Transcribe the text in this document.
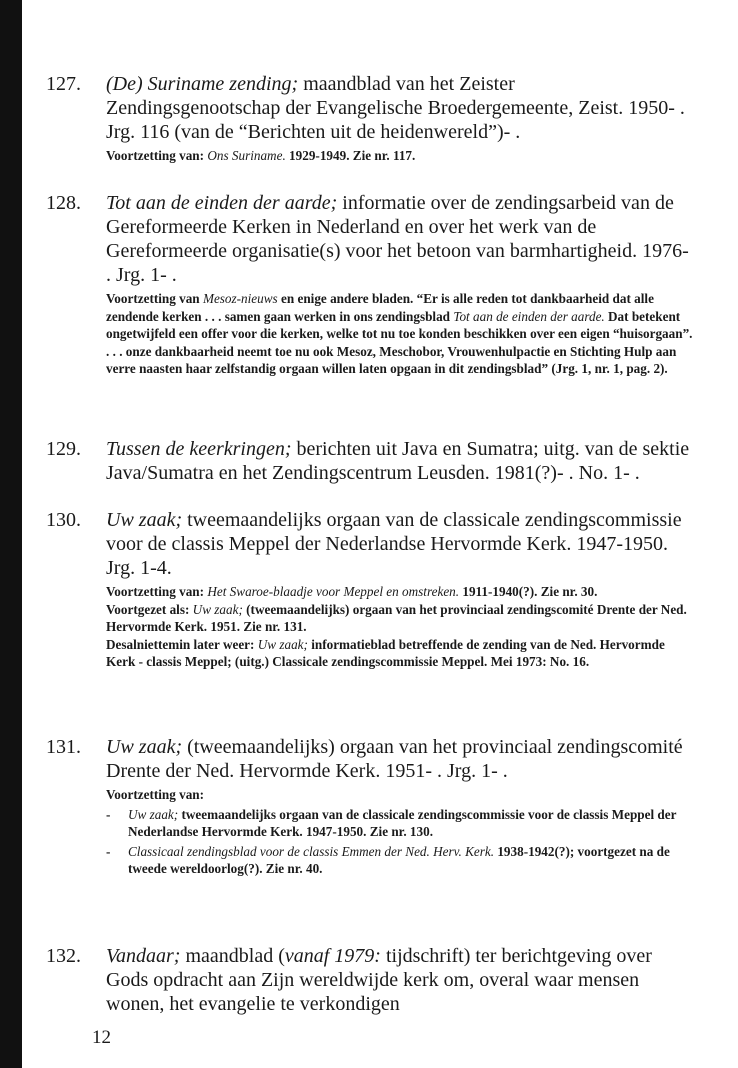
127. (De) Suriname zending; maandblad van het Zeister Zendingsgenootschap der Evangelische Broedergemeente, Zeist. 1950- . Jrg. 116 (van de “Berichten uit de heidenwereld”)- .
Voortzetting van: Ons Suriname. 1929-1949. Zie nr. 117.
128. Tot aan de einden der aarde; informatie over de zendingsarbeid van de Gereformeerde Kerken in Nederland en over het werk van de Gereformeerde organisatie(s) voor het betoon van barmhartigheid. 1976- . Jrg. 1- .
Voortzetting van Mesoz-nieuws en enige andere bladen. “Er is alle reden tot dankbaarheid dat alle zendende kerken . . . samen gaan werken in ons zendingsblad Tot aan de einden der aarde. Dat betekent ongetwijfeld een offer voor die kerken, welke tot nu toe konden beschikken over een eigen “huisorgaan”. . . . onze dankbaarheid neemt toe nu ook Mesoz, Meschobor, Vrouwenhulpactie en Stichting Hulp aan verre naasten haar zelfstandig orgaan willen laten opgaan in dit zendingsblad” (Jrg. 1, nr. 1, pag. 2).
129. Tussen de keerkringen; berichten uit Java en Sumatra; uitg. van de sektie Java/Sumatra en het Zendingscentrum Leusden. 1981(?)- . No. 1- .
130. Uw zaak; tweemaandelijks orgaan van de classicale zendingscommissie voor de classis Meppel der Nederlandse Hervormde Kerk. 1947-1950. Jrg. 1-4.

Voortzetting van: Het Swaroe-blaadje voor Meppel en omstreken. 1911-1940(?). Zie nr. 30.

Voortgezet als: Uw zaak; (tweemaandelijks) orgaan van het provinciaal zendingscomité Drente der Ned. Hervormde Kerk. 1951. Zie nr. 131.

Desalniettemin later weer: Uw zaak; informatieblad betreffende de zending van de Ned. Hervormde Kerk - classis Meppel; (uitg.) Classicale zendingscommissie Meppel. Mei 1973: No. 16.

131. Uw zaak; (tweemaandelijks) orgaan van het provinciaal zendingscomité Drente der Ned. Hervormde Kerk. 1951- . Jrg. 1- .
Voortzetting van:
- Uw zaak; tweemaandelijks orgaan van de classicale zendingscommissie voor de classis Meppel der Nederlandse Hervormde Kerk. 1947-1950. Zie nr. 130.
- Classicaal zendingsblad voor de classis Emmen der Ned. Herv. Kerk. 1938-1942(?); voortgezet na de tweede wereldoorlog(?). Zie nr. 40.
132. Vandaar; maandblad (vanaf 1979: tijdschrift) ter berichtgeving over Gods opdracht aan Zijn wereldwijde kerk om, overal waar mensen wonen, het evangelie te verkondigen
12
